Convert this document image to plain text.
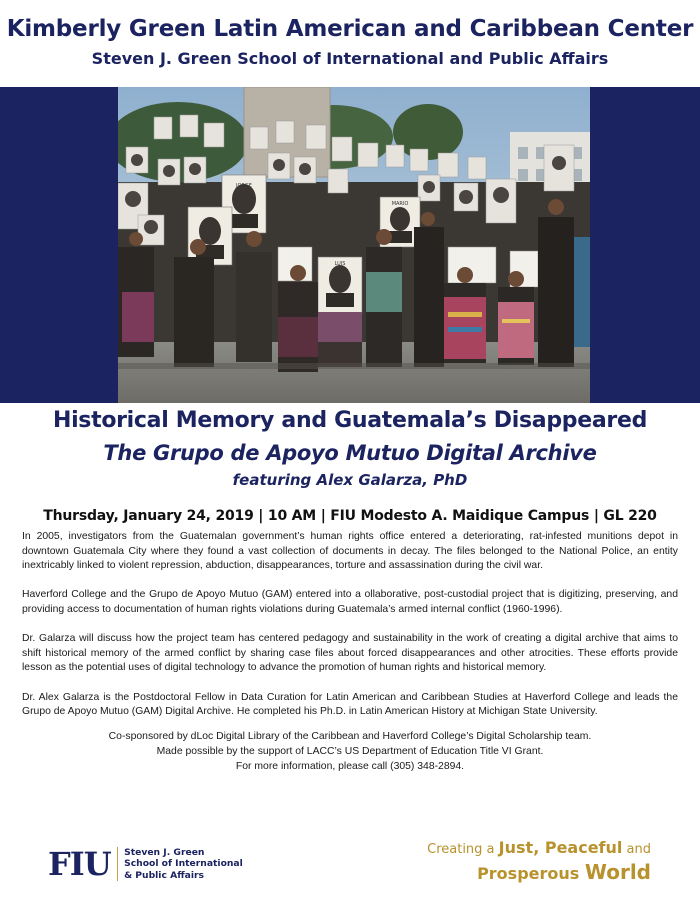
Kimberly Green Latin American and Caribbean Center
Steven J. Green School of International and Public Affairs
JORGE
LUIS
MARIO
Historical Memory and Guatemala’s Disappeared
The Grupo de Apoyo Mutuo Digital Archive
featuring Alex Galarza, PhD
Thursday, January 24, 2019 | 10 AM | FIU Modesto A. Maidique Campus | GL 220

In 2005, investigators from the Guatemalan government’s human rights office entered a deteriorating, rat-infested munitions depot in downtown Guatemala City where they found a vast collection of documents in decay. The files belonged to the National Police, an entity inextricably linked to violent repression, abduction, disappearances, torture and assassination during the civil war.

Haverford College and the Grupo de Apoyo Mutuo (GAM) entered into a ollaborative, post-custodial project that is digitizing, preserving, and providing access to documentation of human rights violations during Guatemala’s armed internal conflict (1960-1996).

Dr. Galarza will discuss how the project team has centered pedagogy and sustainability in the work of creating a digital archive that aims to shift historical memory of the armed conflict by sharing case files about forced disappearances and other atrocities. These efforts provide lesson as the potential uses of digital technology to advance the promotion of human rights and historical memory.

Dr. Alex Galarza is the Postdoctoral Fellow in Data Curation for Latin American and Caribbean Studies at Haverford College and leads the Grupo de Apoyo Mutuo (GAM) Digital Archive. He completed his Ph.D. in Latin American History at Michigan State University.

Co-sponsored by dLoc Digital Library of the Caribbean and Haverford College’s Digital Scholarship team.
Made possible by the support of LACC’s US Department of Education Title VI Grant.
For more information, please call (305) 348-2894.
FIU Steven J. Green
School of International
& Public Affairs
Creating a Just, Peaceful and
Prosperous World
